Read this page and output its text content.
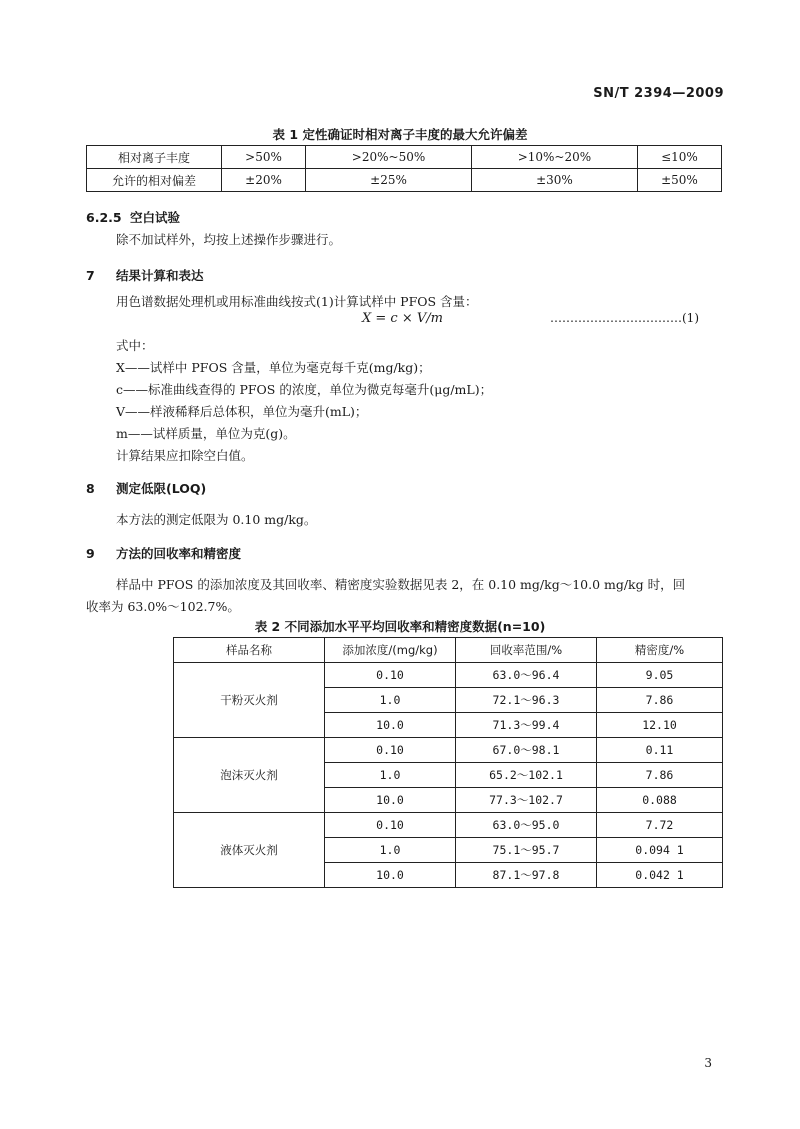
SN/T 2394—2009
表 1 定性确证时相对离子丰度的最大允许偏差
相对离子丰度	>50%	>20%~50%	>10%~20%	≤10%
允许的相对偏差	±20%	±25%	±30%	±50%
6.2.5 空白试验
除不加试样外，均按上述操作步骤进行。
7 结果计算和表达
用色谱数据处理机或用标准曲线按式(1)计算试样中 PFOS 含量：
X = c × V/m	……………………………(1)
式中：
X——试样中 PFOS 含量，单位为毫克每千克(mg/kg)；
c——标准曲线查得的 PFOS 的浓度，单位为微克每毫升(μg/mL)；
V——样液稀释后总体积，单位为毫升(mL)；
m——试样质量，单位为克(g)。
计算结果应扣除空白值。
8 测定低限(LOQ)
本方法的测定低限为 0.10 mg/kg。
9 方法的回收率和精密度
样品中 PFOS 的添加浓度及其回收率、精密度实验数据见表 2，在 0.10 mg/kg～10.0 mg/kg 时，回
收率为 63.0%～102.7%。
表 2 不同添加水平平均回收率和精密度数据(n=10)
样品名称	添加浓度/(mg/kg)	回收率范围/%	精密度/%
干粉灭火剂	0.10	63.0～96.4	9.05
	1.0	72.1～96.3	7.86
	10.0	71.3～99.4	12.10
泡沫灭火剂	0.10	67.0～98.1	0.11
	1.0	65.2～102.1	7.86
	10.0	77.3～102.7	0.088
液体灭火剂	0.10	63.0～95.0	7.72
	1.0	75.1～95.7	0.094 1
	10.0	87.1～97.8	0.042 1
3
